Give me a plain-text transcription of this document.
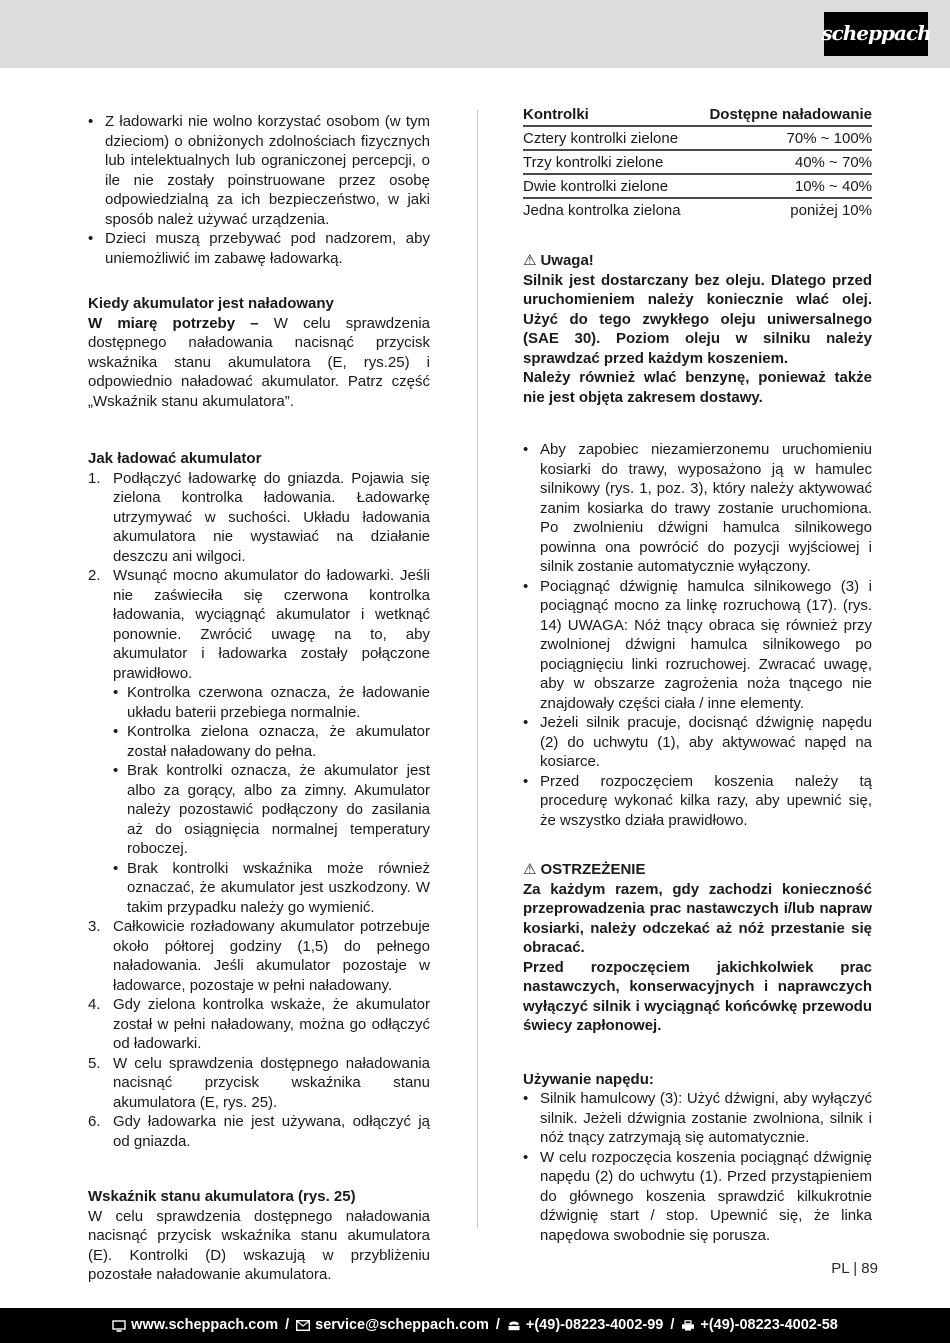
scheppach
• Z ładowarki nie wolno korzystać osobom (w tym dzieciom) o obniżonych zdolnościach fizycznych lub intelektualnych lub ograniczonej percepcji, o ile nie zostały poinstruowane przez osobę odpowiedzialną za ich bezpieczeństwo, w jaki sposób należ używać urządzenia.
• Dzieci muszą przebywać pod nadzorem, aby uniemożliwić im zabawę ładowarką.
Kiedy akumulator jest naładowany

W miarę potrzeby – W celu sprawdzenia dostępnego naładowania nacisnąć przycisk wskaźnika stanu akumulatora (E, rys.25) i odpowiednio naładować akumulator. Patrz część „Wskaźnik stanu akumulatora”.

Jak ładować akumulator
1. Podłączyć ładowarkę do gniazda. Pojawia się zielona kontrolka ładowania. Ładowarkę utrzymywać w suchości. Układu ładowania akumulatora nie wystawiać na działanie deszczu ani wilgoci.
2. Wsunąć mocno akumulator do ładowarki. Jeśli nie zaświeciła się czerwona kontrolka ładowania, wyciągnąć akumulator i wetknąć ponownie. Zwrócić uwagę na to, aby akumulator i ładowarka zostały połączone prawidłowo.
• Kontrolka czerwona oznacza, że ładowanie układu baterii przebiega normalnie.
• Kontrolka zielona oznacza, że akumulator został naładowany do pełna.
• Brak kontrolki oznacza, że akumulator jest albo za gorący, albo za zimny. Akumulator należy pozostawić podłączony do zasilania aż do osiągnięcia normalnej temperatury roboczej.
• Brak kontrolki wskaźnika może również oznaczać, że akumulator jest uszkodzony. W takim przypadku należy go wymienić.
3. Całkowicie rozładowany akumulator potrzebuje około półtorej godziny (1,5) do pełnego naładowania. Jeśli akumulator pozostaje w ładowarce, pozostaje w pełni naładowany.
4. Gdy zielona kontrolka wskaże, że akumulator został w pełni naładowany, można go odłączyć od ładowarki.
5. W celu sprawdzenia dostępnego naładowania nacisnąć przycisk wskaźnika stanu akumulatora (E, rys. 25).
6. Gdy ładowarka nie jest używana, odłączyć ją od gniazda.
Wskaźnik stanu akumulatora (rys. 25)

W celu sprawdzenia dostępnego naładowania nacisnąć przycisk wskaźnika stanu akumulatora (E). Kontrolki (D) wskazują w przybliżeniu pozostałe naładowanie akumulatora.

Kontrolki	Dostępne naładowanie
Cztery kontrolki zielone	70% ~ 100%
Trzy kontrolki zielone	40% ~ 70%
Dwie kontrolki zielone	10% ~ 40%
Jedna kontrolka zielona	poniżej 10%
⚠ Uwaga!

Silnik jest dostarczany bez oleju. Dlatego przed uruchomieniem należy koniecznie wlać olej. Użyć do tego zwykłego oleju uniwersalnego (SAE 30). Poziom oleju w silniku należy sprawdzać przed każdym koszeniem.

Należy również wlać benzynę, ponieważ także nie jest objęta zakresem dostawy.

• Aby zapobiec niezamierzonemu uruchomieniu kosiarki do trawy, wyposażono ją w hamulec silnikowy (rys. 1, poz. 3), który należy aktywować zanim kosiarka do trawy zostanie uruchomiona. Po zwolnieniu dźwigni hamulca silnikowego powinna ona powrócić do pozycji wyjściowej i silnik zostanie automatycznie wyłączony.
• Pociągnąć dźwignię hamulca silnikowego (3) i pociągnąć mocno za linkę rozruchową (17). (rys. 14) UWAGA: Nóż tnący obraca się również przy zwolnionej dźwigni hamulca silnikowego po pociągnięciu linki rozruchowej. Zwracać uwagę, aby w obszarze zagrożenia noża tnącego nie znajdowały części ciała / inne elementy.
• Jeżeli silnik pracuje, docisnąć dźwignię napędu (2) do uchwytu (1), aby aktywować napęd na kosiarce.
• Przed rozpoczęciem koszenia należy tą procedurę wykonać kilka razy, aby upewnić się, że wszystko działa prawidłowo.
⚠ OSTRZEŻENIE

Za każdym razem, gdy zachodzi konieczność przeprowadzenia prac nastawczych i/lub napraw kosiarki, należy odczekać aż nóż przestanie się obracać.

Przed rozpoczęciem jakichkolwiek prac nastawczych, konserwacyjnych i naprawczych wyłączyć silnik i wyciągnąć końcówkę przewodu świecy zapłonowej.

Używanie napędu:
• Silnik hamulcowy (3): Użyć dźwigni, aby wyłączyć silnik. Jeżeli dźwignia zostanie zwolniona, silnik i nóż tnący zatrzymają się automatycznie.
• W celu rozpoczęcia koszenia pociągnąć dźwignię napędu (2) do uchwytu (1). Przed przystąpieniem do głównego koszenia sprawdzić kilkukrotnie dźwignię start / stop. Upewnić się, że linka napędowa swobodnie się porusza.
PL | 89
www.scheppach.com / service@scheppach.com / +(49)-08223-4002-99 / +(49)-08223-4002-58
